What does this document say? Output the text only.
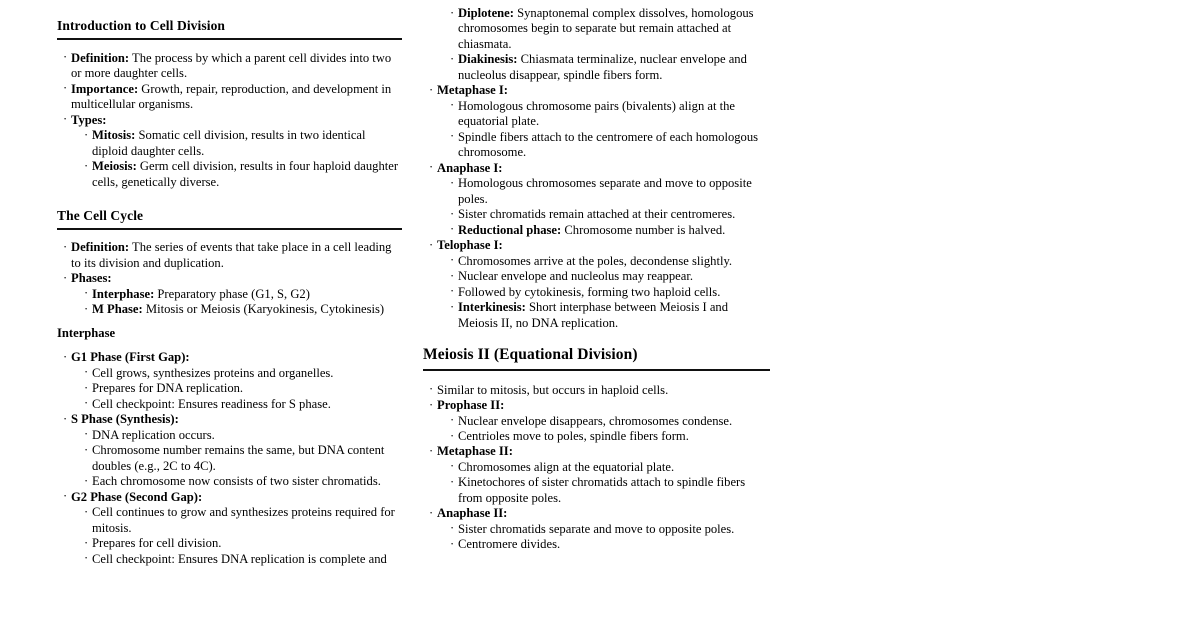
Introduction to Cell Division
· Definition: The process by which a parent cell divides into two or more daughter cells.
· Importance: Growth, repair, reproduction, and development in multicellular organisms.
· Types:
· Mitosis: Somatic cell division, results in two identical diploid daughter cells.
· Meiosis: Germ cell division, results in four haploid daughter cells, genetically diverse.
The Cell Cycle
· Definition: The series of events that take place in a cell leading to its division and duplication.
· Phases:
· Interphase: Preparatory phase (G1, S, G2)
· M Phase: Mitosis or Meiosis (Karyokinesis, Cytokinesis)
Interphase
· G1 Phase (First Gap):
· Cell grows, synthesizes proteins and organelles.
· Prepares for DNA replication.
· Cell checkpoint: Ensures readiness for S phase.
· S Phase (Synthesis):
· DNA replication occurs.
· Chromosome number remains the same, but DNA content doubles (e.g., 2C to 4C).
· Each chromosome now consists of two sister chromatids.
· G2 Phase (Second Gap):
· Cell continues to grow and synthesizes proteins required for mitosis.
· Prepares for cell division.
· Cell checkpoint: Ensures DNA replication is complete and
· Diplotene: Synaptonemal complex dissolves, homologous chromosomes begin to separate but remain attached at chiasmata.
· Diakinesis: Chiasmata terminalize, nuclear envelope and nucleolus disappear, spindle fibers form.
· Metaphase I:
· Homologous chromosome pairs (bivalents) align at the equatorial plate.
· Spindle fibers attach to the centromere of each homologous chromosome.
· Anaphase I:
· Homologous chromosomes separate and move to opposite poles.
· Sister chromatids remain attached at their centromeres.
· Reductional phase: Chromosome number is halved.
· Telophase I:
· Chromosomes arrive at the poles, decondense slightly.
· Nuclear envelope and nucleolus may reappear.
· Followed by cytokinesis, forming two haploid cells.
· Interkinesis: Short interphase between Meiosis I and Meiosis II, no DNA replication.
Meiosis II (Equational Division)
· Similar to mitosis, but occurs in haploid cells.
· Prophase II:
· Nuclear envelope disappears, chromosomes condense.
· Centrioles move to poles, spindle fibers form.
· Metaphase II:
· Chromosomes align at the equatorial plate.
· Kinetochores of sister chromatids attach to spindle fibers from opposite poles.
· Anaphase II:
· Sister chromatids separate and move to opposite poles.
· Centromere divides.
